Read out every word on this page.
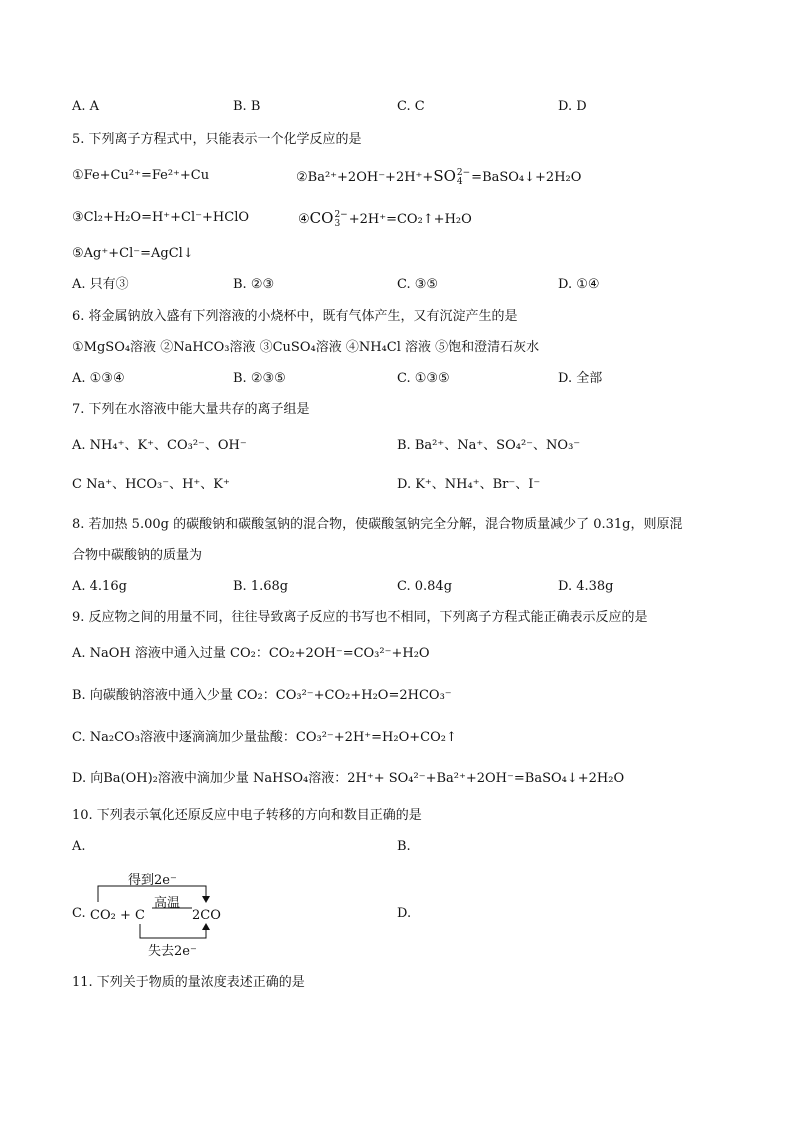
A. A	B. B	C. C	D. D
5. 下列离子方程式中，只能表示一个化学反应的是
①Fe+Cu²⁺=Fe²⁺+Cu	②Ba²⁺+2OH⁻+2H⁺+SO 2−
4 =BaSO₄↓+2H₂O
③Cl₂+H₂O=H⁺+Cl⁻+HClO	④CO 2−
3 +2H⁺=CO₂↑+H₂O
⑤Ag⁺+Cl⁻=AgCl↓
A. 只有③	B. ②③	C. ③⑤	D. ①④
6. 将金属钠放入盛有下列溶液的小烧杯中，既有气体产生，又有沉淀产生的是
①MgSO₄溶液 ②NaHCO₃溶液 ③CuSO₄溶液 ④NH₄Cl 溶液 ⑤饱和澄清石灰水
A. ①③④	B. ②③⑤	C. ①③⑤	D. 全部
7. 下列在水溶液中能大量共存的离子组是
A. NH₄⁺、K⁺、CO₃²⁻、OH⁻	B. Ba²⁺、Na⁺、SO₄²⁻、NO₃⁻
C Na⁺、HCO₃⁻、H⁺、K⁺	D. K⁺、NH₄⁺、Br⁻、I⁻
8. 若加热 5.00g 的碳酸钠和碳酸氢钠的混合物，使碳酸氢钠完全分解，混合物质量减少了 0.31g，则原混
合物中碳酸钠的质量为
A. 4.16g	B. 1.68g	C. 0.84g	D. 4.38g
9. 反应物之间的用量不同，往往导致离子反应的书写也不相同，下列离子方程式能正确表示反应的是
A. NaOH 溶液中通入过量 CO₂：CO₂+2OH⁻=CO₃²⁻+H₂O
B. 向碳酸钠溶液中通入少量 CO₂：CO₃²⁻+CO₂+H₂O=2HCO₃⁻
C. Na₂CO₃溶液中逐滴滴加少量盐酸：CO₃²⁻+2H⁺=H₂O+CO₂↑
D. 向Ba(OH)₂溶液中滴加少量 NaHSO₄溶液：2H⁺+ SO₄²⁻+Ba²⁺+2OH⁻=BaSO₄↓+2H₂O
10. 下列表示氧化还原反应中电子转移的方向和数目正确的是
A.	B.
C.	D.
得到2e⁻
高温
CO₂ + C	2CO
失去2e⁻
11. 下列关于物质的量浓度表述正确的是
